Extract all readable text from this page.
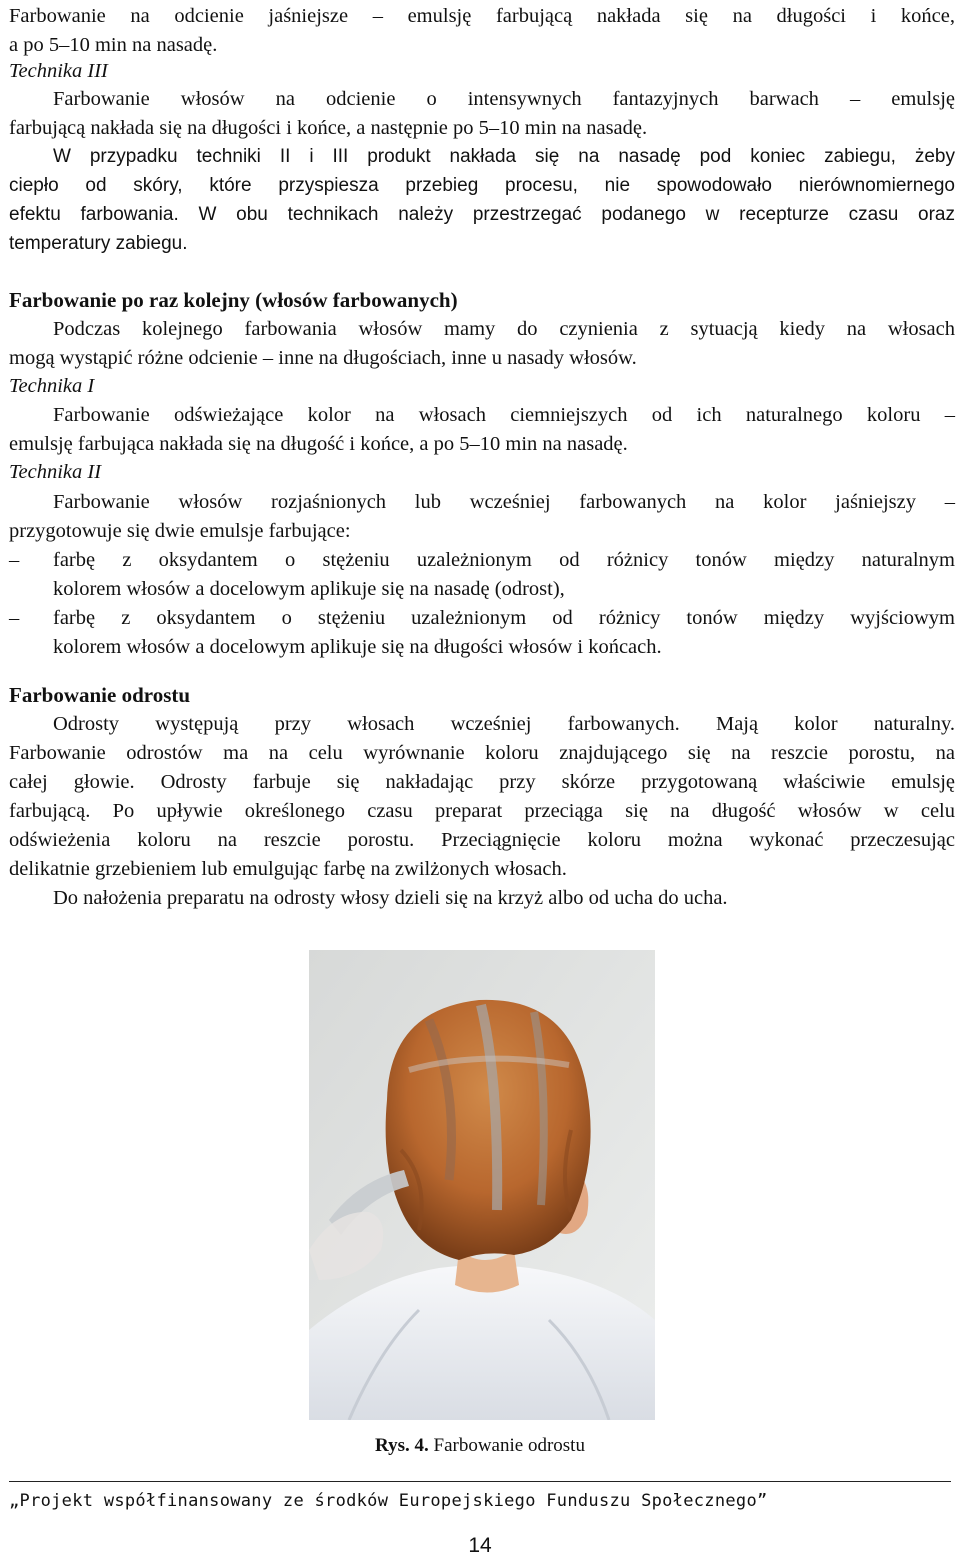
Farbowanie na odcienie jaśniejsze – emulsję farbującą nakłada się na długości i końce,
a po 5–10 min na nasadę.
Technika III
Farbowanie włosów na odcienie o intensywnych fantazyjnych barwach – emulsję
farbującą nakłada się na długości i końce, a następnie po 5–10 min na nasadę.
W przypadku techniki II i III produkt nakłada się na nasadę pod koniec zabiegu, żeby
ciepło od skóry, które przyspiesza przebieg procesu, nie spowodowało nierównomiernego
efektu farbowania. W obu technikach należy przestrzegać podanego w recepturze czasu oraz
temperatury zabiegu.
Farbowanie po raz kolejny (włosów farbowanych)
Podczas kolejnego farbowania włosów mamy do czynienia z sytuacją kiedy na włosach
mogą wystąpić różne odcienie – inne na długościach, inne u nasady włosów.
Technika I
Farbowanie odświeżające kolor na włosach ciemniejszych od ich naturalnego koloru –
emulsję farbująca nakłada się na długość i końce, a po 5–10 min na nasadę.
Technika II
Farbowanie włosów rozjaśnionych lub wcześniej farbowanych na kolor jaśniejszy –
przygotowuje się dwie emulsje farbujące:
– farbę z oksydantem o stężeniu uzależnionym od różnicy tonów między naturalnym
kolorem włosów a docelowym aplikuje się na nasadę (odrost),
– farbę z oksydantem o stężeniu uzależnionym od różnicy tonów między wyjściowym
kolorem włosów a docelowym aplikuje się na długości włosów i końcach.
Farbowanie odrostu
Odrosty występują przy włosach wcześniej farbowanych. Mają kolor naturalny.
Farbowanie odrostów ma na celu wyrównanie koloru znajdującego się na reszcie porostu, na
całej głowie. Odrosty farbuje się nakładając przy skórze przygotowaną właściwie emulsję
farbującą. Po upływie określonego czasu preparat przeciąga się na długość włosów w celu
odświeżenia koloru na reszcie porostu. Przeciągnięcie koloru można wykonać przeczesując
delikatnie grzebieniem lub emulgując farbę na zwilżonych włosach.
Do nałożenia preparatu na odrosty włosy dzieli się na krzyż albo od ucha do ucha.
Rys. 4. Farbowanie odrostu
„Projekt współfinansowany ze środków Europejskiego Funduszu Społecznego”
14
